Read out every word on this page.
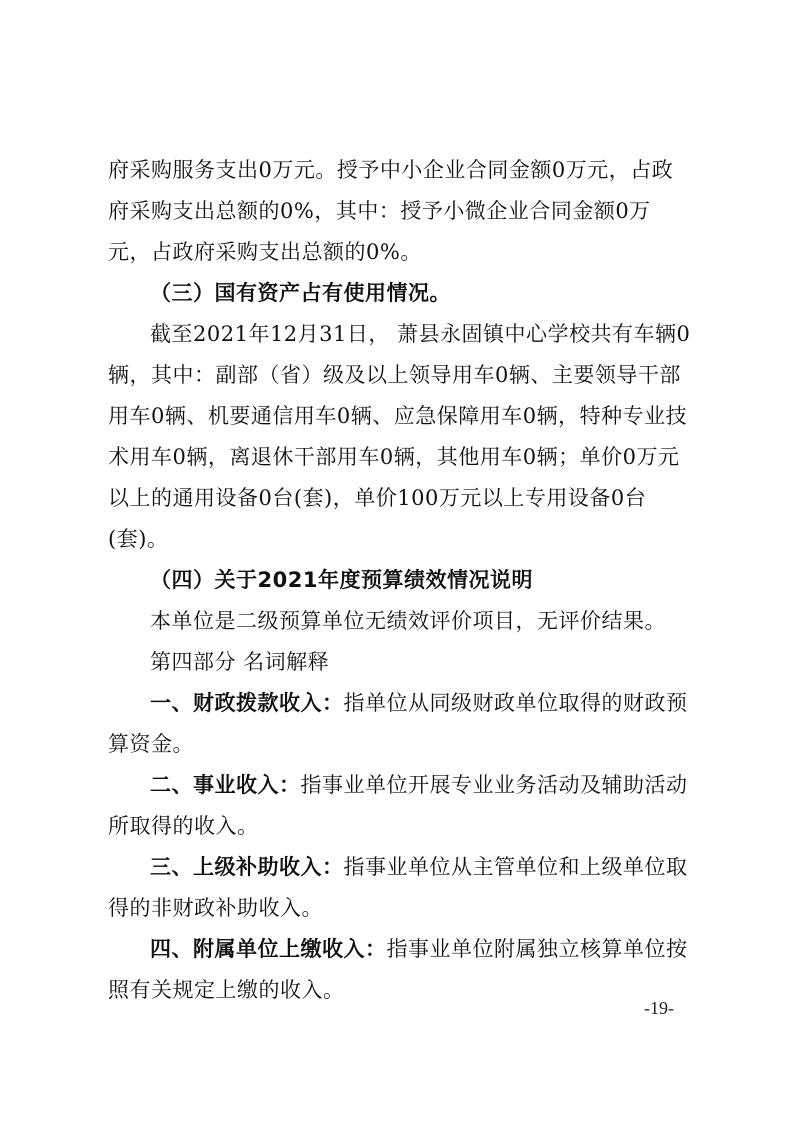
府采购服务支出0万元。授予中小企业合同金额0万元，占政府采购支出总额的0%，其中：授予小微企业合同金额0万元，占政府采购支出总额的0%。

（三）国有资产占有使用情况。

截至2021年12月31日， 萧县永固镇中心学校共有车辆0辆，其中：副部（省）级及以上领导用车0辆、主要领导干部用车0辆、机要通信用车0辆、应急保障用车0辆，特种专业技术用车0辆，离退休干部用车0辆，其他用车0辆；单价0万元以上的通用设备0台(套)，单价100万元以上专用设备0台(套)。

（四）关于2021年度预算绩效情况说明

本单位是二级预算单位无绩效评价项目，无评价结果。

第四部分 名词解释

一、财政拨款收入：指单位从同级财政单位取得的财政预算资金。

二、事业收入：指事业单位开展专业业务活动及辅助活动所取得的收入。

三、上级补助收入：指事业单位从主管单位和上级单位取得的非财政补助收入。

四、附属单位上缴收入：指事业单位附属独立核算单位按照有关规定上缴的收入。

-19-
